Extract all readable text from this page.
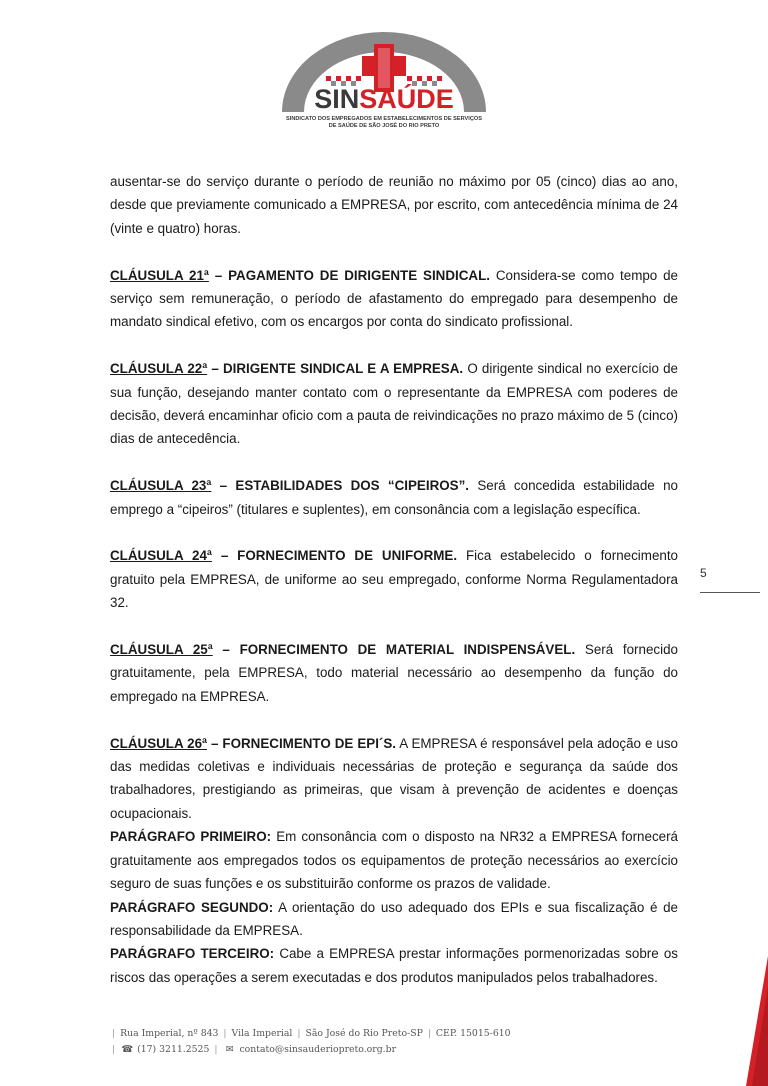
SINSAÚDE
SINDICATO DOS EMPREGADOS EM ESTABELECIMENTOS DE SERVIÇOS
DE SAÚDE DE SÃO JOSÉ DO RIO PRETO

ausentar-se do serviço durante o período de reunião no máximo por 05 (cinco) dias ao ano, desde que previamente comunicado a EMPRESA, por escrito, com antecedência mínima de 24 (vinte e quatro) horas.

CLÁUSULA 21ª – PAGAMENTO DE DIRIGENTE SINDICAL. Considera-se como tempo de serviço sem remuneração, o período de afastamento do empregado para desempenho de mandato sindical efetivo, com os encargos por conta do sindicato profissional.

CLÁUSULA 22ª – DIRIGENTE SINDICAL E A EMPRESA. O dirigente sindical no exercício de sua função, desejando manter contato com o representante da EMPRESA com poderes de decisão, deverá encaminhar oficio com a pauta de reivindicações no prazo máximo de 5 (cinco) dias de antecedência.

CLÁUSULA 23ª – ESTABILIDADES DOS “CIPEIROS”. Será concedida estabilidade no emprego a “cipeiros” (titulares e suplentes), em consonância com a legislação específica.

CLÁUSULA 24ª – FORNECIMENTO DE UNIFORME. Fica estabelecido o fornecimento gratuito pela EMPRESA, de uniforme ao seu empregado, conforme Norma Regulamentadora 32.

CLÁUSULA 25ª – FORNECIMENTO DE MATERIAL INDISPENSÁVEL. Será fornecido gratuitamente, pela EMPRESA, todo material necessário ao desempenho da função do empregado na EMPRESA.

CLÁUSULA 26ª – FORNECIMENTO DE EPI´S. A EMPRESA é responsável pela adoção e uso das medidas coletivas e individuais necessárias de proteção e segurança da saúde dos trabalhadores, prestigiando as primeiras, que visam à prevenção de acidentes e doenças ocupacionais.

PARÁGRAFO PRIMEIRO: Em consonância com o disposto na NR32 a EMPRESA fornecerá gratuitamente aos empregados todos os equipamentos de proteção necessários ao exercício seguro de suas funções e os substituirão conforme os prazos de validade.

PARÁGRAFO SEGUNDO: A orientação do uso adequado dos EPIs e sua fiscalização é de responsabilidade da EMPRESA.

PARÁGRAFO TERCEIRO: Cabe a EMPRESA prestar informações pormenorizadas sobre os riscos das operações a serem executadas e dos produtos manipulados pelos trabalhadores.

5
| Rua Imperial, nº 843 | Vila Imperial | São José do Rio Preto-SP | CEP. 15015-610
| ☎ (17) 3211.2525 | ✉ contato@sinsauderiopreto.org.br
